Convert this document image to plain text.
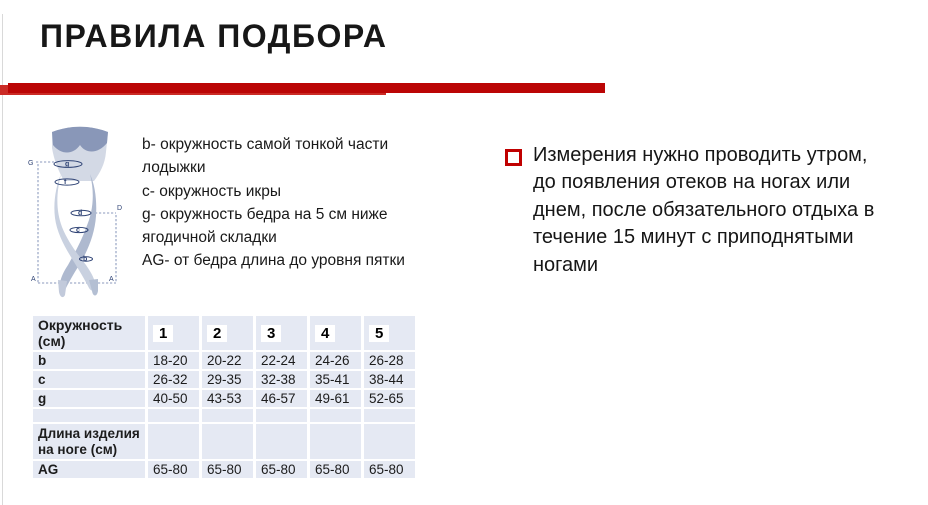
ПРАВИЛА ПОДБОРА
g
f
d
c
b
G
D
A	A
b- окружность самой тонкой части лодыжки
c- окружность икры
g- окружность бедра на 5 см ниже ягодичной складки
AG- от бедра длина до уровня пятки
Измерения нужно проводить утром, до появления отеков на ногах или днем, после обязательного отдыха в течение 15 минут с приподнятыми ногами
Окружность (см)	1	2	3	4	5
b	18-20	20-22	22-24	24-26	26-28
c	26-32	29-35	32-38	35-41	38-44
g	40-50	43-53	46-57	49-61	52-65

Длина изделия на ноге (см)					
AG	65-80	65-80	65-80	65-80	65-80
